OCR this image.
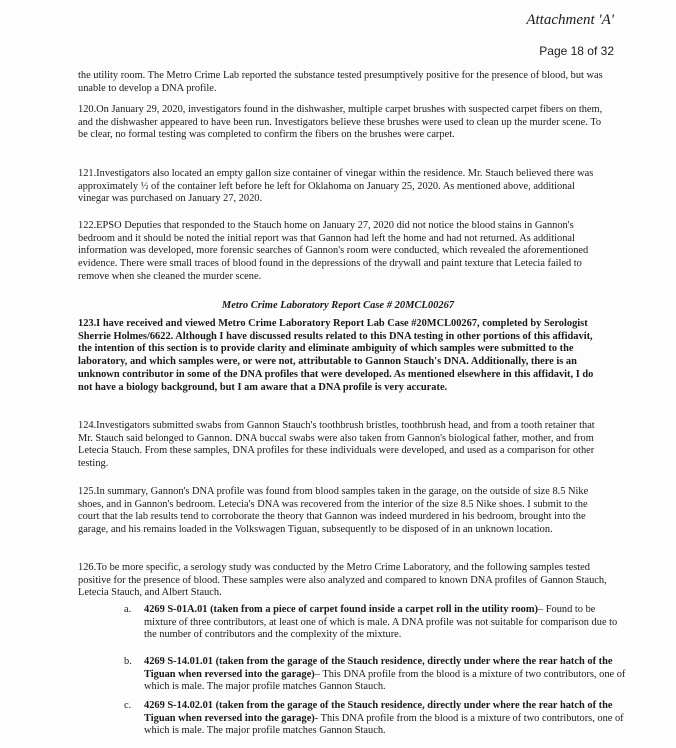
Attachment 'A'
Page 18 of 32
the utility room. The Metro Crime Lab reported the substance tested presumptively positive for the presence of blood, but was unable to develop a DNA profile.
120.On January 29, 2020, investigators found in the dishwasher, multiple carpet brushes with suspected carpet fibers on them, and the dishwasher appeared to have been run. Investigators believe these brushes were used to clean up the murder scene. To be clear, no formal testing was completed to confirm the fibers on the brushes were carpet.
121.Investigators also located an empty gallon size container of vinegar within the residence. Mr. Stauch believed there was approximately ½ of the container left before he left for Oklahoma on January 25, 2020. As mentioned above, additional vinegar was purchased on January 27, 2020.
122.EPSO Deputies that responded to the Stauch home on January 27, 2020 did not notice the blood stains in Gannon's bedroom and it should be noted the initial report was that Gannon had left the home and had not returned. As additional information was developed, more forensic searches of Gannon's room were conducted, which revealed the aforementioned evidence. There were small traces of blood found in the depressions of the drywall and paint texture that Letecia failed to remove when she cleaned the murder scene.
Metro Crime Laboratory Report Case # 20MCL00267
123.I have received and viewed Metro Crime Laboratory Report Lab Case #20MCL00267, completed by Serologist Sherrie Holmes/6622. Although I have discussed results related to this DNA testing in other portions of this affidavit, the intention of this section is to provide clarity and eliminate ambiguity of which samples were submitted to the laboratory, and which samples were, or were not, attributable to Gannon Stauch's DNA. Additionally, there is an unknown contributor in some of the DNA profiles that were developed. As mentioned elsewhere in this affidavit, I do not have a biology background, but I am aware that a DNA profile is very accurate.
124.Investigators submitted swabs from Gannon Stauch's toothbrush bristles, toothbrush head, and from a tooth retainer that Mr. Stauch said belonged to Gannon. DNA buccal swabs were also taken from Gannon's biological father, mother, and from Letecia Stauch. From these samples, DNA profiles for these individuals were developed, and used as a comparison for other testing.
125.In summary, Gannon's DNA profile was found from blood samples taken in the garage, on the outside of size 8.5 Nike shoes, and in Gannon's bedroom. Letecia's DNA was recovered from the interior of the size 8.5 Nike shoes. I submit to the court that the lab results tend to corroborate the theory that Gannon was indeed murdered in his bedroom, brought into the garage, and his remains loaded in the Volkswagen Tiguan, subsequently to be disposed of in an unknown location.
126.To be more specific, a serology study was conducted by the Metro Crime Laboratory, and the following samples tested positive for the presence of blood. These samples were also analyzed and compared to known DNA profiles of Gannon Stauch, Letecia Stauch, and Albert Stauch.
a. 4269 S-01A.01 (taken from a piece of carpet found inside a carpet roll in the utility room)– Found to be mixture of three contributors, at least one of which is male. A DNA profile was not suitable for comparison due to the number of contributors and the complexity of the mixture.
b. 4269 S-14.01.01 (taken from the garage of the Stauch residence, directly under where the rear hatch of the Tiguan when reversed into the garage)– This DNA profile from the blood is a mixture of two contributors, one of which is male. The major profile matches Gannon Stauch.
c. 4269 S-14.02.01 (taken from the garage of the Stauch residence, directly under where the rear hatch of the Tiguan when reversed into the garage)- This DNA profile from the blood is a mixture of two contributors, one of which is male. The major profile matches Gannon Stauch.
